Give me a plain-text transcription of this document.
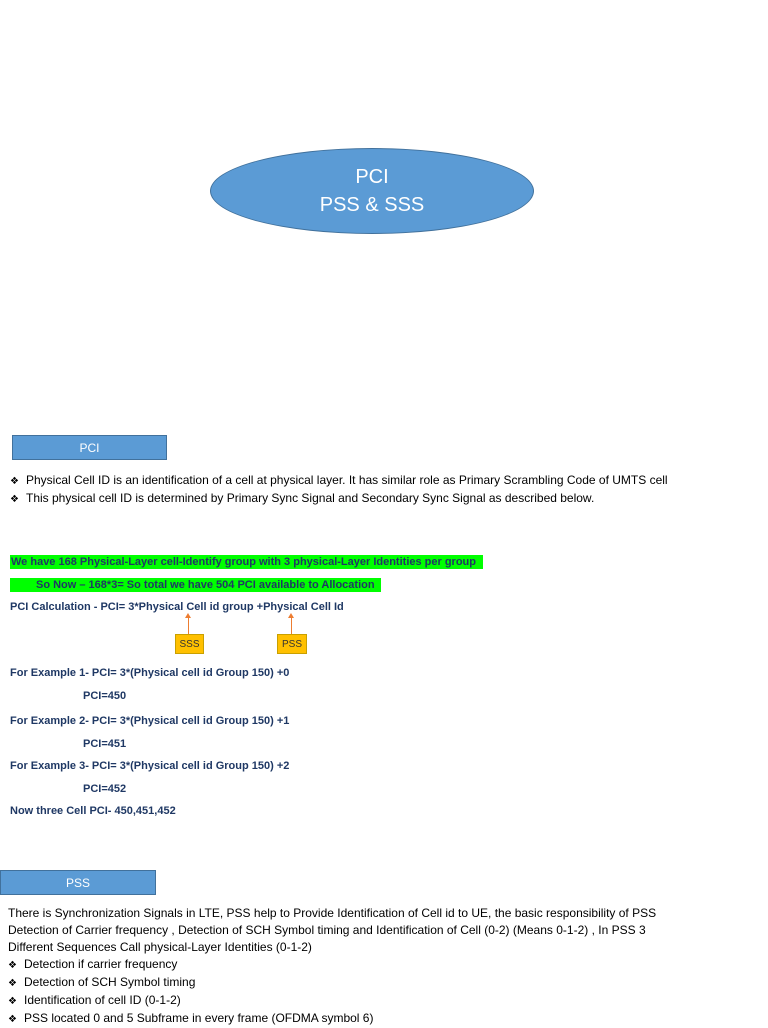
PCI
PSS & SSS
PCI
❖ Physical Cell ID is an identification of a cell at physical layer. It has similar role as Primary Scrambling Code of UMTS cell
❖ This physical cell ID is determined by Primary Sync Signal and Secondary Sync Signal as described below.
We have 168 Physical-Layer cell-Identify group with 3 physical-Layer Identities per group
So Now – 168*3= So total we have 504 PCI available to Allocation
PCI Calculation - PCI= 3*Physical Cell id group +Physical Cell Id
SSS	PSS
For Example 1- PCI= 3*(Physical cell id Group 150) +0
PCI=450
For Example 2- PCI= 3*(Physical cell id Group 150) +1
PCI=451
For Example 3- PCI= 3*(Physical cell id Group 150) +2
PCI=452
Now three Cell PCI- 450,451,452
PSS
There is Synchronization Signals in LTE, PSS help to Provide Identification of Cell id to UE, the basic responsibility of PSS
Detection of Carrier frequency , Detection of SCH Symbol timing and Identification of Cell (0-2) (Means 0-1-2) , In PSS 3
Different Sequences Call physical-Layer Identities (0-1-2)
❖ Detection if carrier frequency
❖ Detection of SCH Symbol timing
❖ Identification of cell ID (0-1-2)
❖ PSS located 0 and 5 Subframe in every frame (OFDMA symbol 6)
